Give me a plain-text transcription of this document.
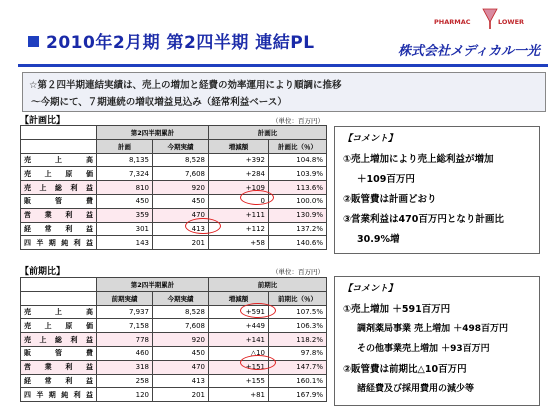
2010年2月期 第2四半期 連結PL
PHARMAC	LOWER
株式会社メディカル一光
☆第２四半期連結実績は、売上の増加と経費の効率運用により順調に推移
～今期にて、７期連続の増収増益見込み（経常利益ベース）
【計画比】	（単位：百万円）
	第2四半期累計		計画比	
	計画	今期実績	増減額	計画比（％）
売上高	8,135	8,528	+392	104.8%
売上原価	7,324	7,608	+284	103.9%
売上総利益	810	920	+109	113.6%
販管費	450	450	0	100.0%
営業利益	359	470	+111	130.9%
経常利益	301	413	+112	137.2%
四半期純利益	143	201	+58	140.6%
【コメント】
①売上増加により売上総利益が増加
＋109百万円
②販管費は計画どおり
③営業利益は470百万円となり計画比
30.9%増
【前期比】	（単位：百万円）
	第2四半期累計		前期比	
	前期実績	今期実績	増減額	前期比（％）
売上高	7,937	8,528	+591	107.5%
売上原価	7,158	7,608	+449	106.3%
売上総利益	778	920	+141	118.2%
販管費	460	450	△10	97.8%
営業利益	318	470	+151	147.7%
経常利益	258	413	+155	160.1%
四半期純利益	120	201	+81	167.9%
【コメント】
①売上増加 ＋591百万円
調剤薬局事業 売上増加 ＋498百万円
その他事業売上増加 ＋93百万円
②販管費は前期比△10百万円
諸経費及び採用費用の減少等
